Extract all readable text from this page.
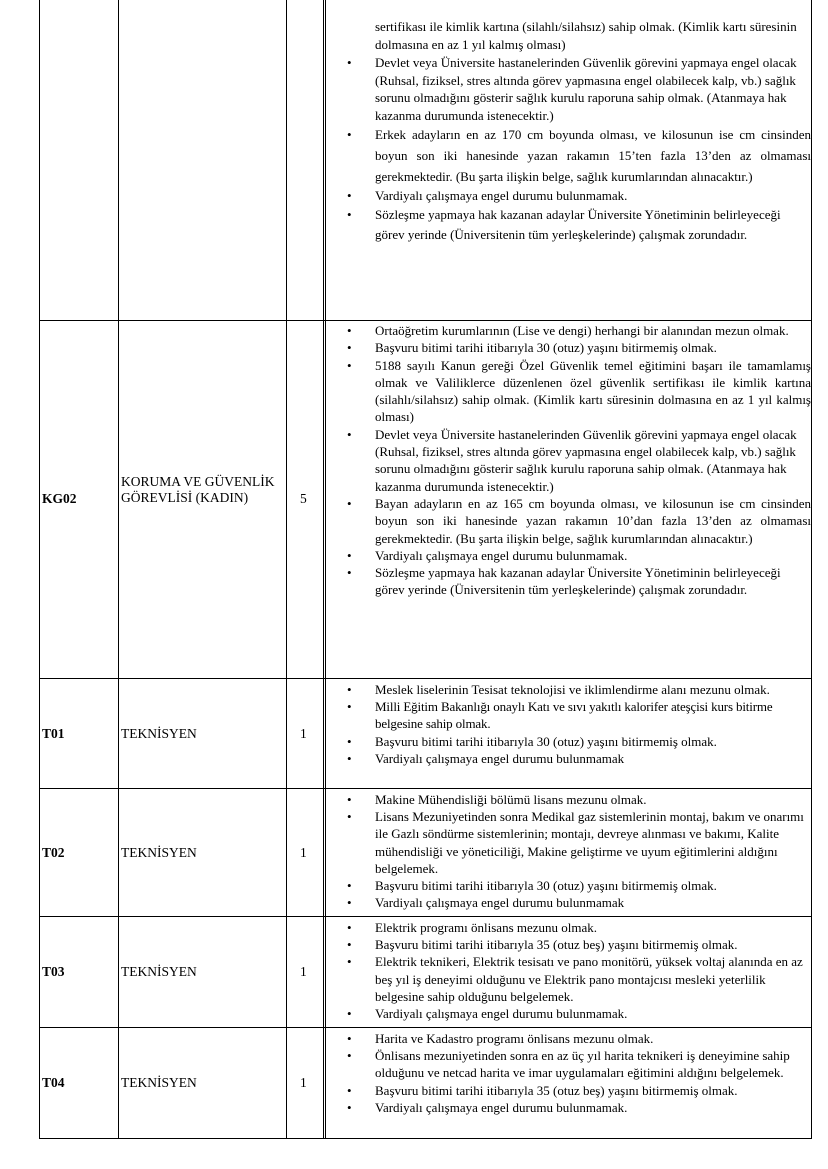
sertifikası ile kimlik kartına (silahlı/silahsız) sahip olmak. (Kimlik kartı süresinin dolmasına en az 1 yıl kalmış olması)
• Devlet veya Üniversite hastanelerinden Güvenlik görevini yapmaya engel olacak (Ruhsal, fiziksel, stres altında görev yapmasına engel olabilecek kalp, vb.) sağlık sorunu olmadığını gösterir sağlık kurulu raporuna sahip olmak. (Atanmaya hak kazanma durumunda istenecektir.)
• Erkek adayların en az 170 cm boyunda olması, ve kilosunun ise cm cinsinden boyun son iki hanesinde yazan rakamın 15’ten fazla 13’den az olmaması gerekmektedir. (Bu şarta ilişkin belge, sağlık kurumlarından alınacaktır.)
• Vardiyalı çalışmaya engel durumu bulunmamak.
• Sözleşme yapmaya hak kazanan adaylar Üniversite Yönetiminin belirleyeceği görev yerinde (Üniversitenin tüm yerleşkelerinde) çalışmak zorundadır.
KG02
KORUMA VE GÜVENLİK GÖREVLİSİ (KADIN)	5
• Ortaöğretim kurumlarının (Lise ve dengi) herhangi bir alanından mezun olmak.
• Başvuru bitimi tarihi itibarıyla 30 (otuz) yaşını bitirmemiş olmak.
• 5188 sayılı Kanun gereği Özel Güvenlik temel eğitimini başarı ile tamamlamış olmak ve Valiliklerce düzenlenen özel güvenlik sertifikası ile kimlik kartına (silahlı/silahsız) sahip olmak. (Kimlik kartı süresinin dolmasına en az 1 yıl kalmış olması)
• Devlet veya Üniversite hastanelerinden Güvenlik görevini yapmaya engel olacak (Ruhsal, fiziksel, stres altında görev yapmasına engel olabilecek kalp, vb.) sağlık sorunu olmadığını gösterir sağlık kurulu raporuna sahip olmak. (Atanmaya hak kazanma durumunda istenecektir.)
• Bayan adayların en az 165 cm boyunda olması, ve kilosunun ise cm cinsinden boyun son iki hanesinde yazan rakamın 10’dan fazla 13’den az olmaması gerekmektedir. (Bu şarta ilişkin belge, sağlık kurumlarından alınacaktır.)
• Vardiyalı çalışmaya engel durumu bulunmamak.
• Sözleşme yapmaya hak kazanan adaylar Üniversite Yönetiminin belirleyeceği görev yerinde (Üniversitenin tüm yerleşkelerinde) çalışmak zorundadır.
T01	TEKNİSYEN	1
• Meslek liselerinin Tesisat teknolojisi ve iklimlendirme alanı mezunu olmak.
• Milli Eğitim Bakanlığı onaylı Katı ve sıvı yakıtlı kalorifer ateşçisi kurs bitirme belgesine sahip olmak.
• Başvuru bitimi tarihi itibarıyla 30 (otuz) yaşını bitirmemiş olmak.
• Vardiyalı çalışmaya engel durumu bulunmamak
T02	TEKNİSYEN	1
• Makine Mühendisliği bölümü lisans mezunu olmak.
• Lisans Mezuniyetinden sonra Medikal gaz sistemlerinin montaj, bakım ve onarımı ile Gazlı söndürme sistemlerinin; montajı, devreye alınması ve bakımı, Kalite mühendisliği ve yöneticiliği, Makine geliştirme ve uyum eğitimlerini aldığını belgelemek.
• Başvuru bitimi tarihi itibarıyla 30 (otuz) yaşını bitirmemiş olmak.
• Vardiyalı çalışmaya engel durumu bulunmamak
T03	TEKNİSYEN	1
• Elektrik programı önlisans mezunu olmak.
• Başvuru bitimi tarihi itibarıyla 35 (otuz beş) yaşını bitirmemiş olmak.
• Elektrik teknikeri, Elektrik tesisatı ve pano monitörü, yüksek voltaj alanında en az beş yıl iş deneyimi olduğunu ve Elektrik pano montajcısı mesleki yeterlilik belgesine sahip olduğunu belgelemek.
• Vardiyalı çalışmaya engel durumu bulunmamak.
T04	TEKNİSYEN	1
• Harita ve Kadastro programı önlisans mezunu olmak.
• Önlisans mezuniyetinden sonra en az üç yıl harita teknikeri iş deneyimine sahip olduğunu ve netcad harita ve imar uygulamaları eğitimini aldığını belgelemek.
• Başvuru bitimi tarihi itibarıyla 35 (otuz beş) yaşını bitirmemiş olmak.
• Vardiyalı çalışmaya engel durumu bulunmamak.
